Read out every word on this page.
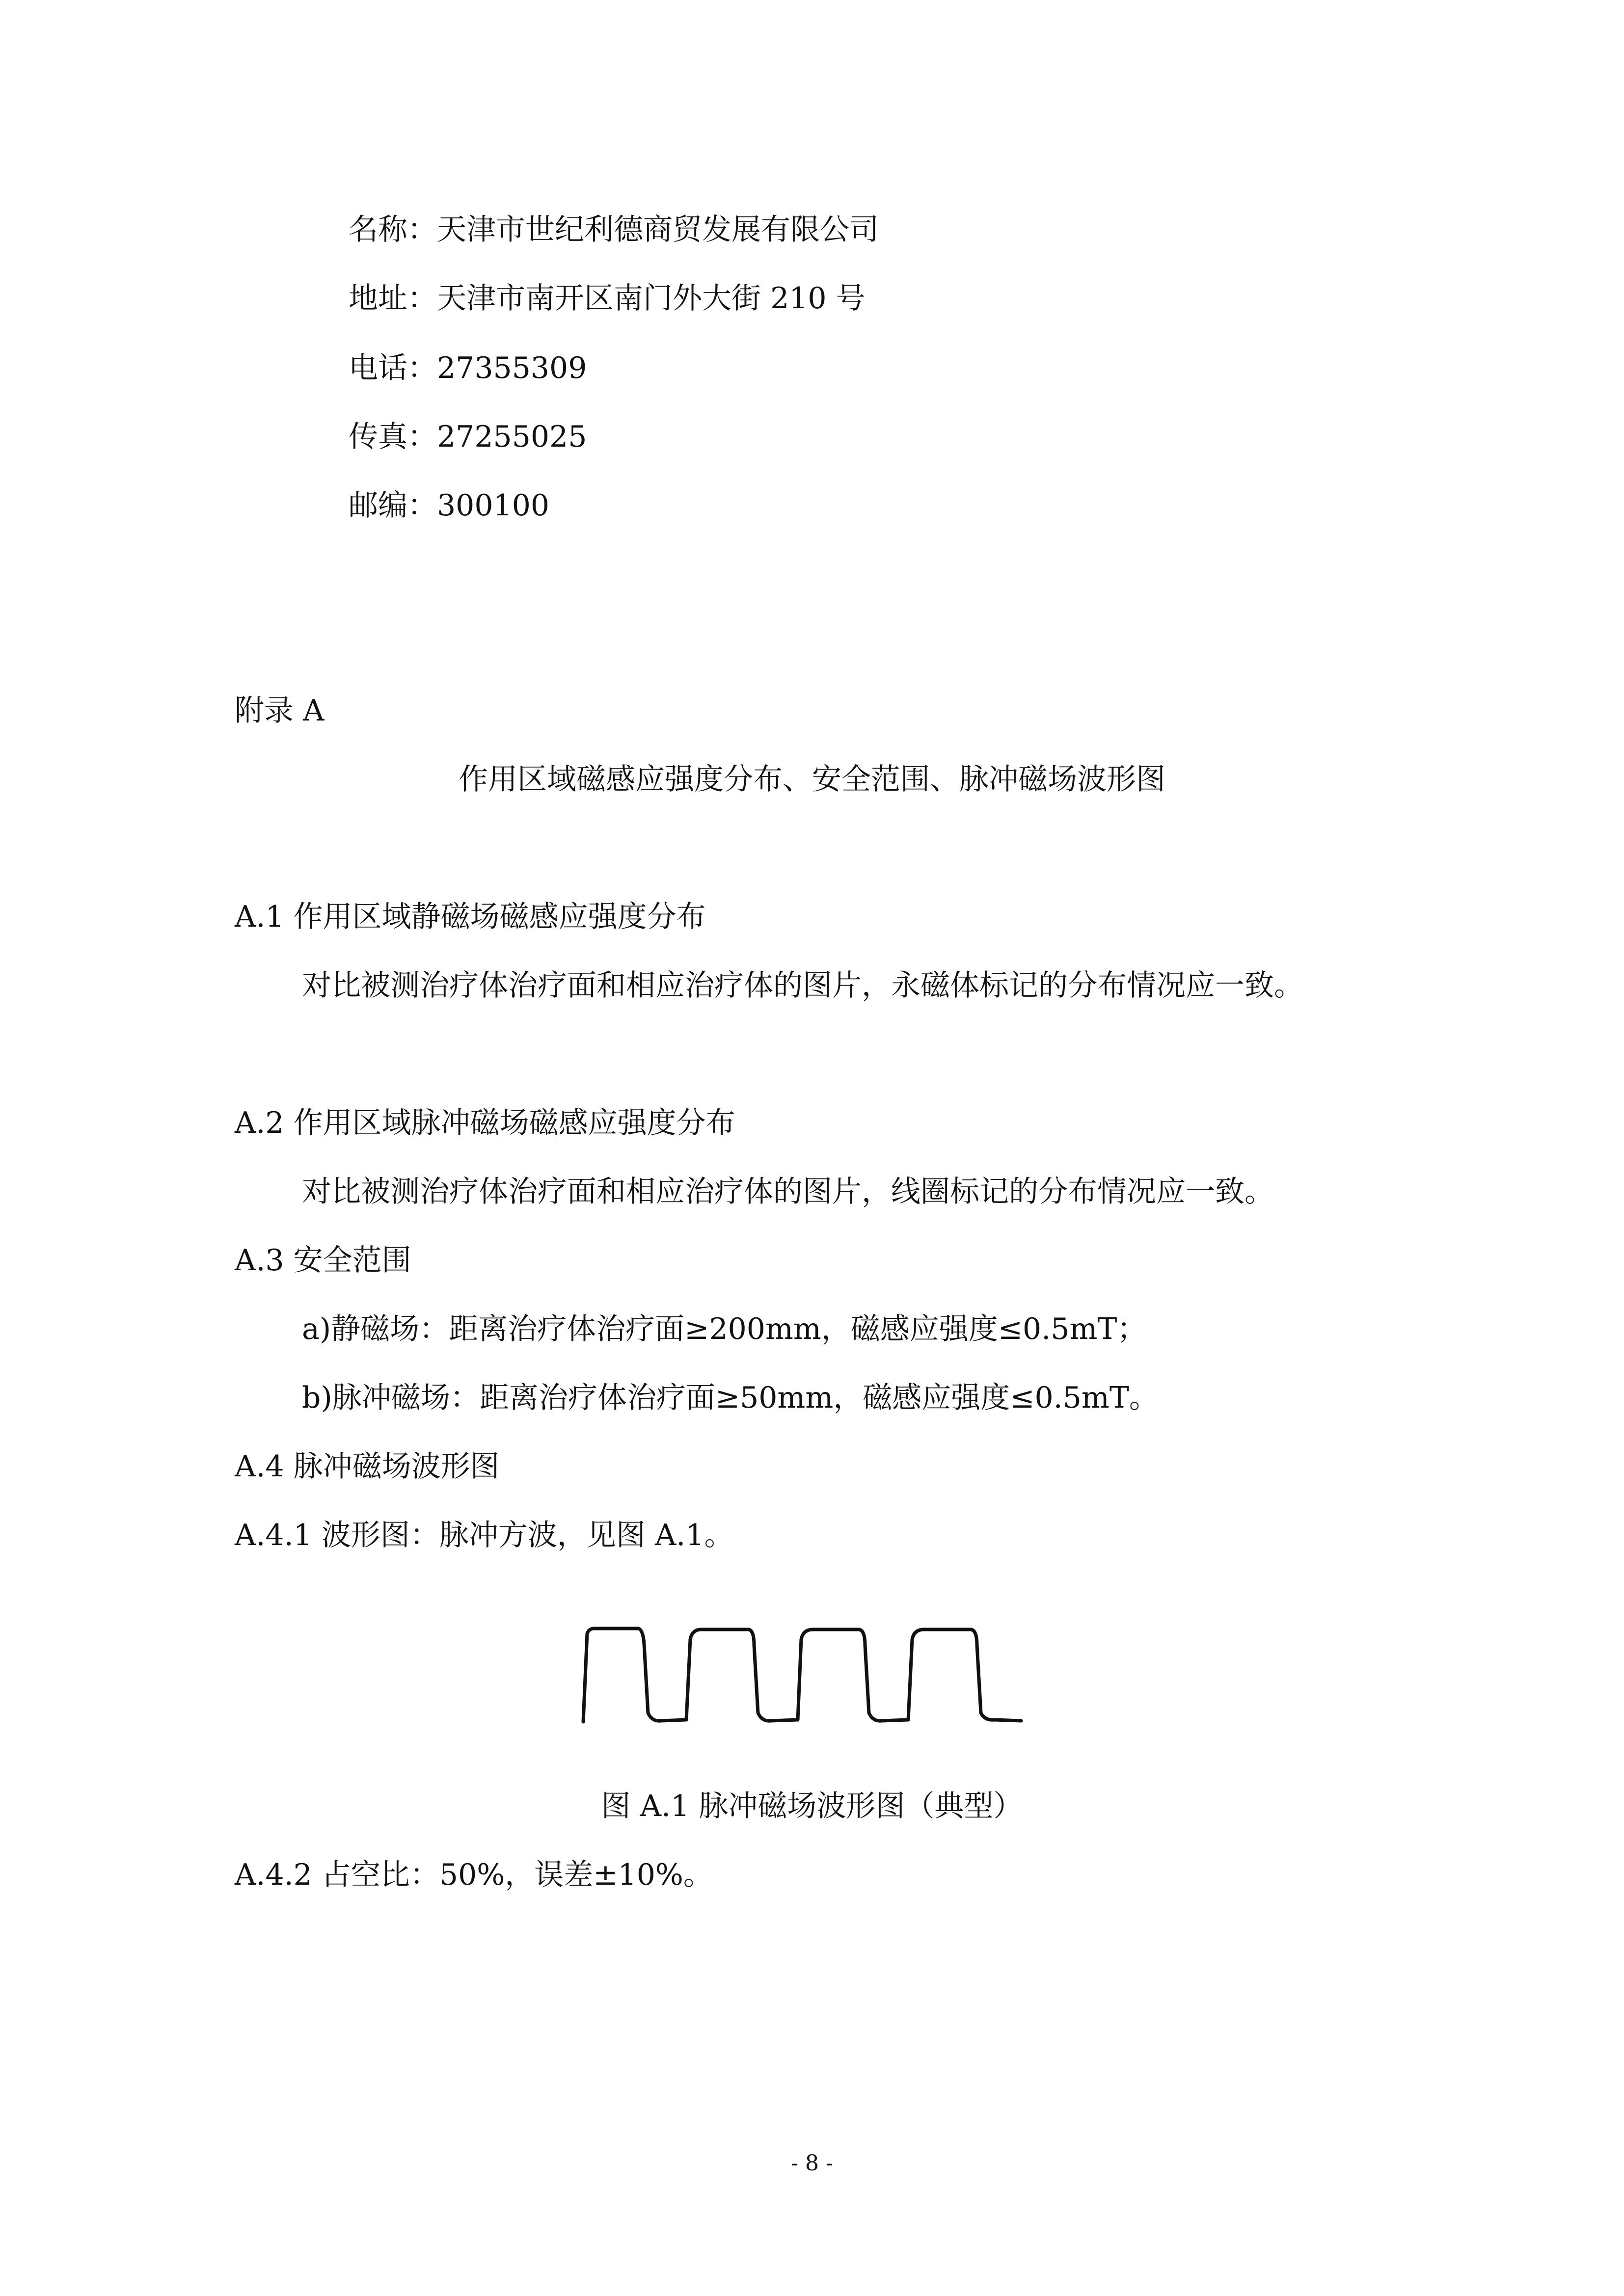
名称：天津市世纪利德商贸发展有限公司

地址：天津市南开区南门外大街 210 号

电话：27355309

传真：27255025

邮编：300100

附录 A

作用区域磁感应强度分布、安全范围、脉冲磁场波形图

A.1 作用区域静磁场磁感应强度分布

对比被测治疗体治疗面和相应治疗体的图片，永磁体标记的分布情况应一致。

A.2 作用区域脉冲磁场磁感应强度分布

对比被测治疗体治疗面和相应治疗体的图片，线圈标记的分布情况应一致。

A.3 安全范围

a)静磁场：距离治疗体治疗面≥200mm，磁感应强度≤0.5mT；

b)脉冲磁场：距离治疗体治疗面≥50mm，磁感应强度≤0.5mT。

A.4 脉冲磁场波形图

A.4.1 波形图：脉冲方波，见图 A.1。

图 A.1 脉冲磁场波形图（典型）

A.4.2 占空比：50%，误差±10%。

- 8 -
